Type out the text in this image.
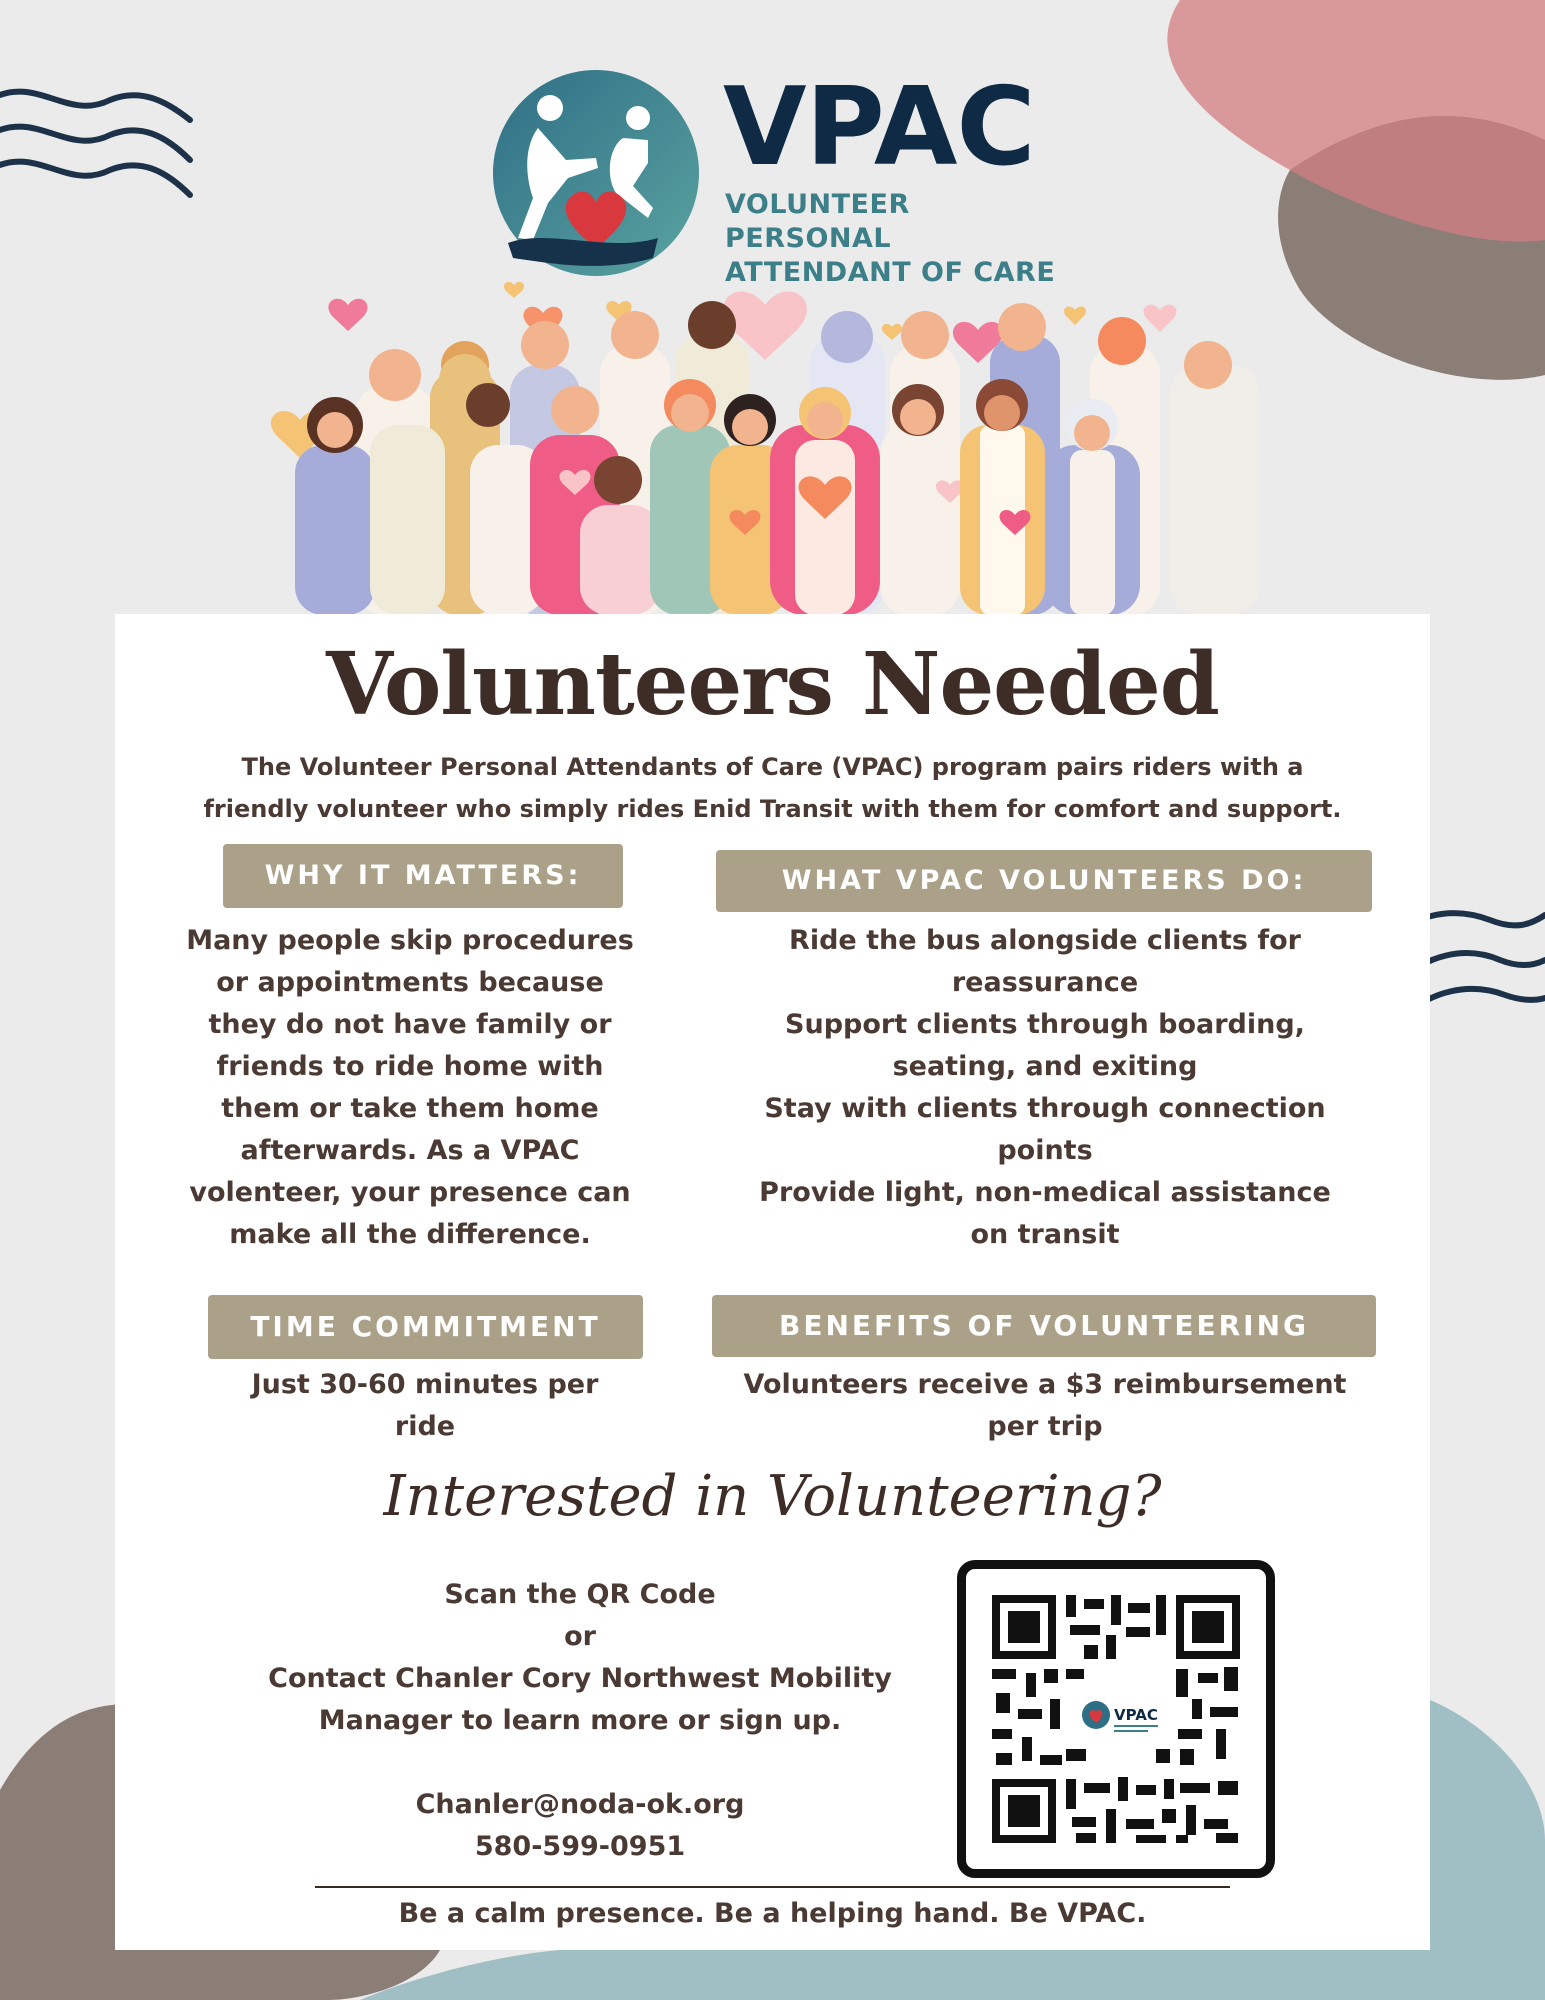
VPAC
VOLUNTEER PERSONAL
ATTENDANT OF CARE
Volunteers Needed
The Volunteer Personal Attendants of Care (VPAC) program pairs riders with a
friendly volunteer who simply rides Enid Transit with them for comfort and support.
WHY IT MATTERS:
Many people skip procedures
or appointments because
they do not have family or
friends to ride home with
them or take them home
afterwards. As a VPAC
volenteer, your presence can
make all the difference.
WHAT VPAC VOLUNTEERS DO:
Ride the bus alongside clients for
reassurance
Support clients through boarding,
seating, and exiting
Stay with clients through connection
points
Provide light, non-medical assistance
on transit
TIME COMMITMENT
Just 30-60 minutes per
ride
BENEFITS OF VOLUNTEERING
Volunteers receive a $3 reimbursement
per trip
Interested in Volunteering?
Scan the QR Code
or
Contact Chanler Cory Northwest Mobility
Manager to learn more or sign up.
Chanler@noda-ok.org
580-599-0951
VPAC
Be a calm presence. Be a helping hand. Be VPAC.
